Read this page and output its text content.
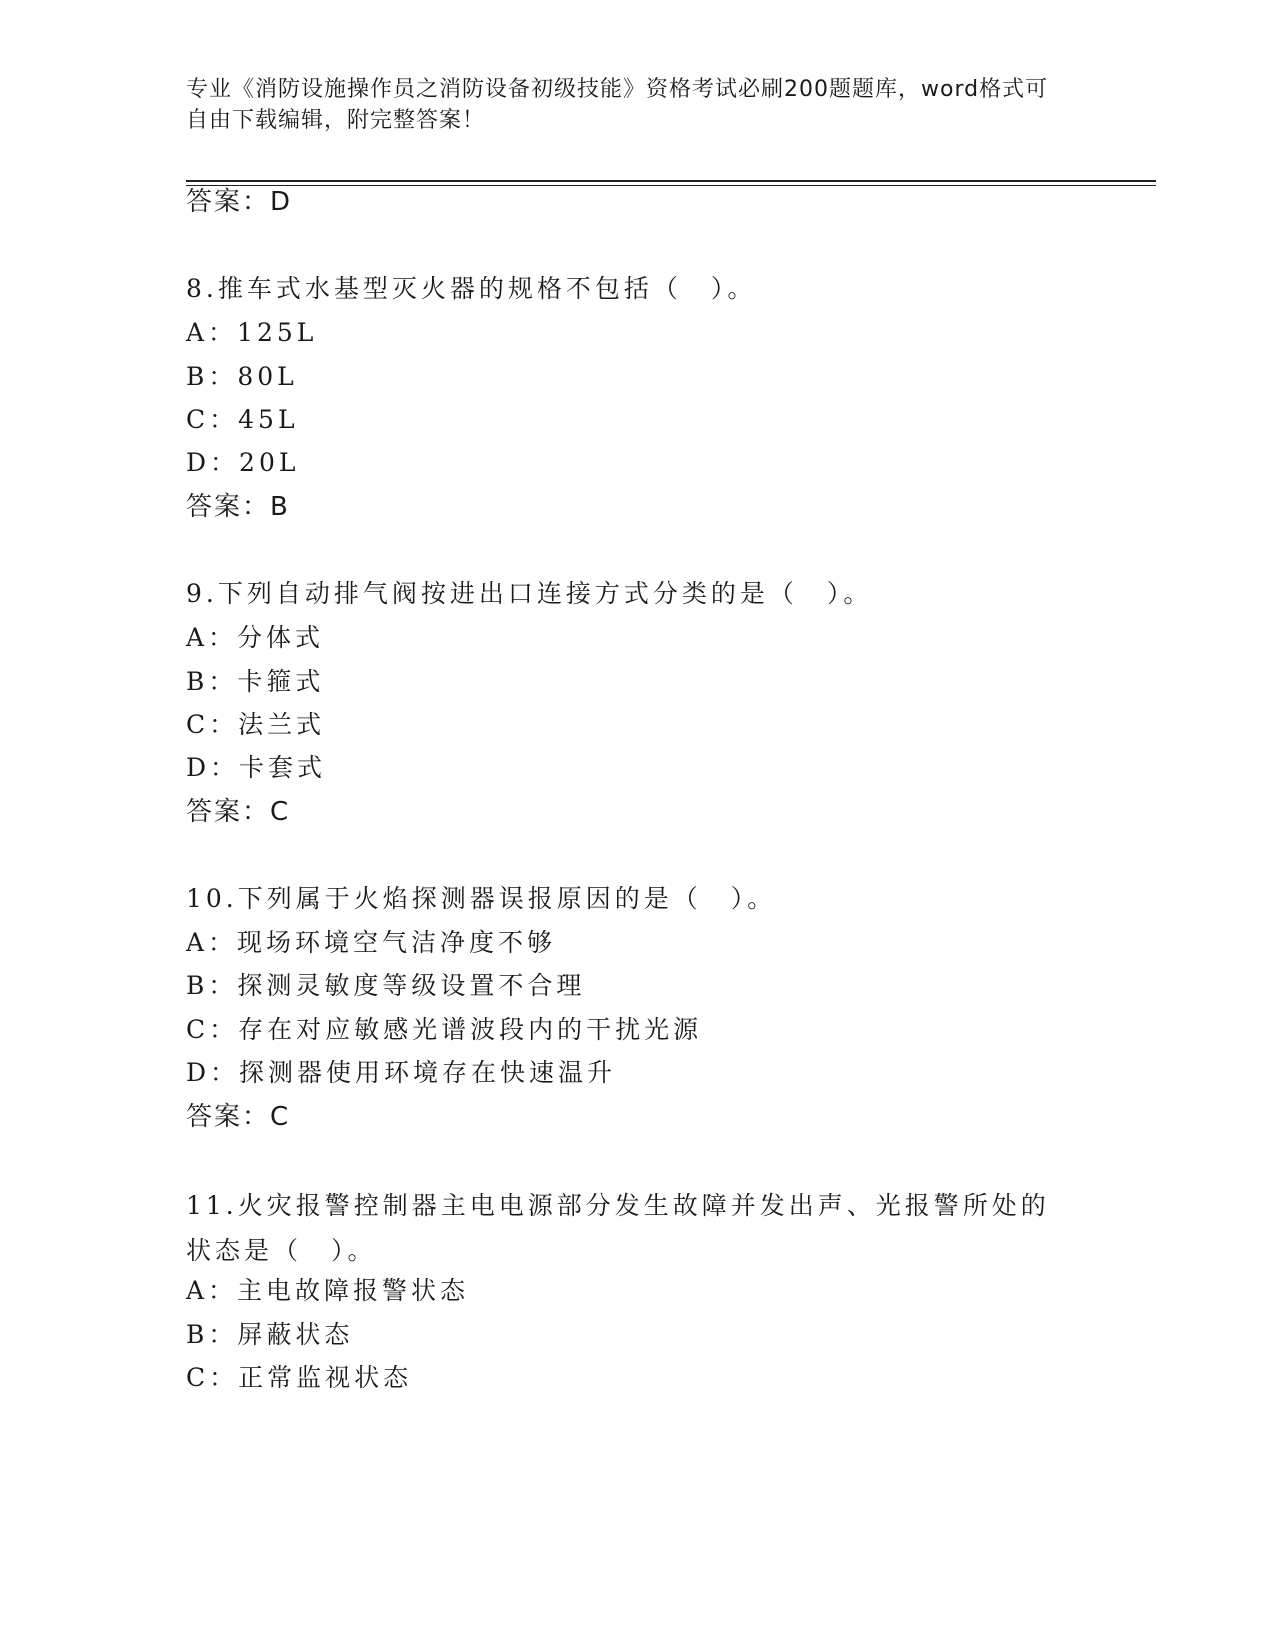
专业《消防设施操作员之消防设备初级技能》资格考试必刷200题题库，word格式可自由下载编辑，附完整答案！
答案：D
8.推车式水基型灭火器的规格不包括（　）。
A：125L
B：80L
C：45L
D：20L
答案：B
9.下列自动排气阀按进出口连接方式分类的是（　）。
A：分体式
B：卡箍式
C：法兰式
D：卡套式
答案：C
10.下列属于火焰探测器误报原因的是（　）。
A：现场环境空气洁净度不够
B：探测灵敏度等级设置不合理
C：存在对应敏感光谱波段内的干扰光源
D：探测器使用环境存在快速温升
答案：C
11.火灾报警控制器主电电源部分发生故障并发出声、光报警所处的状态是（　）。
A：主电故障报警状态
B：屏蔽状态
C：正常监视状态
